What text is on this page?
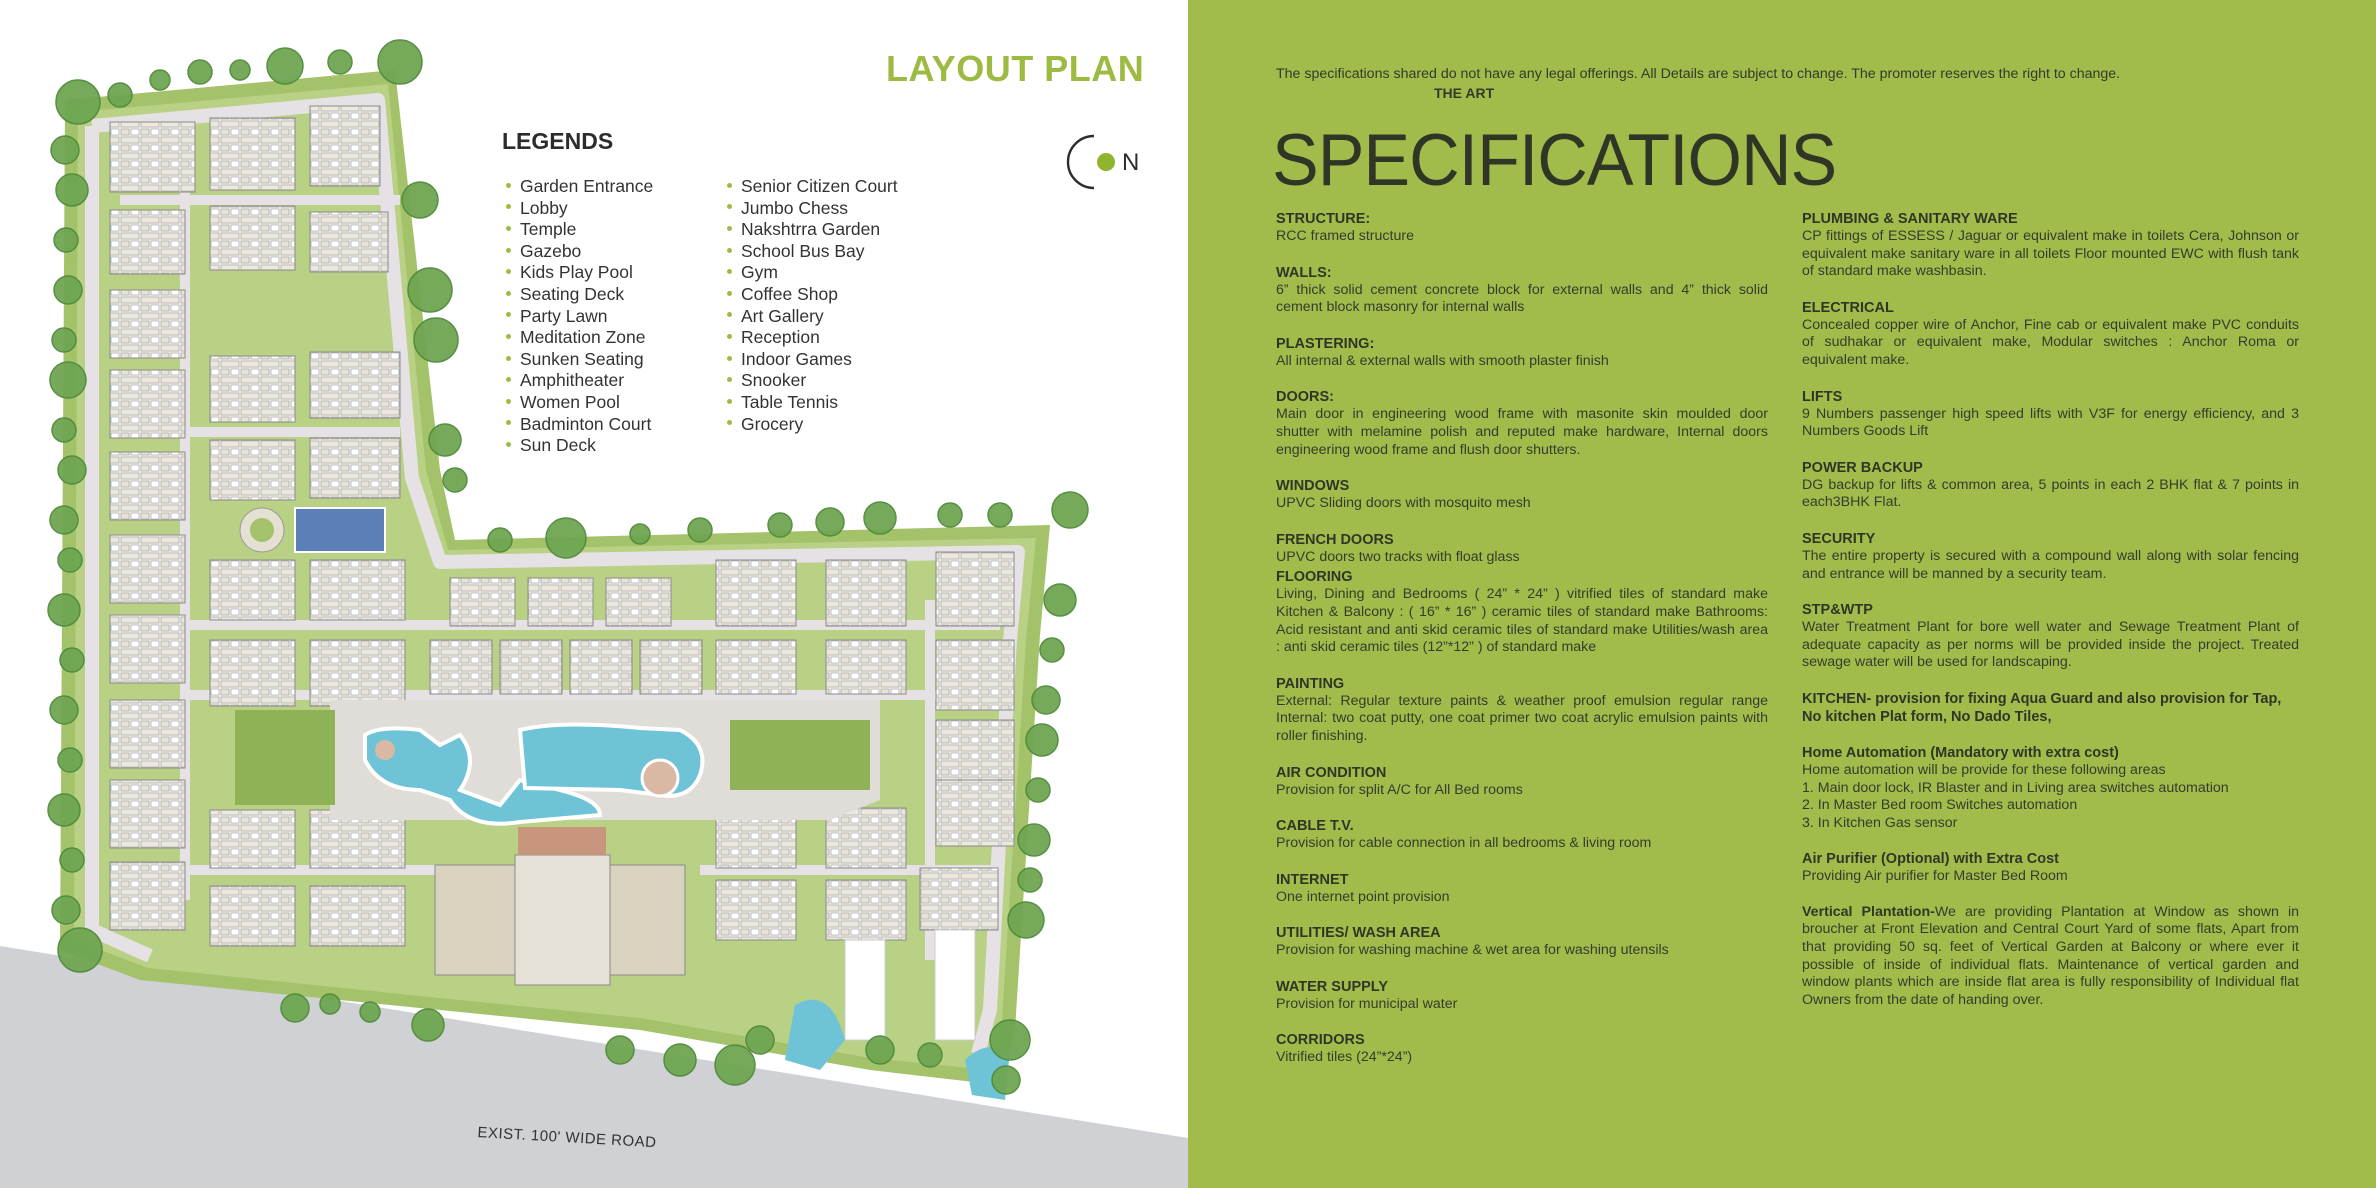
LAYOUT PLAN
LEGENDS
Garden Entrance
Lobby
Temple
Gazebo
Kids Play Pool
Seating Deck
Party Lawn
Meditation Zone
Sunken Seating
Amphitheater
Women Pool
Badminton Court
Sun Deck
Senior Citizen Court
Jumbo Chess
Nakshtrra Garden
School Bus Bay
Gym
Coffee Shop
Art Gallery
Reception
Indoor Games
Snooker
Table Tennis
Grocery
N
EXIST. 100' WIDE ROAD
The specifications shared do not have any legal offerings. All Details are subject to change. The promoter reserves the right to change.
THE ART
SPECIFICATIONS
STRUCTURE:
RCC framed structure
WALLS:
6” thick solid cement concrete block for external walls and 4” thick solid cement block masonry for internal walls
PLASTERING:
All internal & external walls with smooth plaster finish
DOORS:
Main door in engineering wood frame with masonite skin moulded door shutter with melamine polish and reputed make hardware, Internal doors engineering wood frame and flush door shutters.
WINDOWS
UPVC Sliding doors with mosquito mesh
FRENCH DOORS
UPVC doors two tracks with float glass
FLOORING
Living, Dining and Bedrooms ( 24” * 24” ) vitrified tiles of standard make Kitchen & Balcony : ( 16” * 16” ) ceramic tiles of standard make Bathrooms: Acid resistant and anti skid ceramic tiles of standard make Utilities/wash area : anti skid ceramic tiles (12”*12” ) of standard make
PAINTING
External: Regular texture paints & weather proof emulsion regular range Internal: two coat putty, one coat primer two coat acrylic emulsion paints with roller finishing.
AIR CONDITION
Provision for split A/C for All Bed rooms
CABLE T.V.
Provision for cable connection in all bedrooms & living room
INTERNET
One internet point provision
UTILITIES/ WASH AREA
Provision for washing machine & wet area for washing utensils
WATER SUPPLY
Provision for municipal water
CORRIDORS
Vitrified tiles (24”*24”)
PLUMBING & SANITARY WARE
CP fittings of ESSESS / Jaguar or equivalent make in toilets Cera, Johnson or equivalent make sanitary ware in all toilets Floor mounted EWC with flush tank of standard make washbasin.
ELECTRICAL
Concealed copper wire of Anchor, Fine cab or equivalent make PVC conduits of sudhakar or equivalent make, Modular switches : Anchor Roma or equivalent make.
LIFTS
9 Numbers passenger high speed lifts with V3F for energy efficiency, and 3 Numbers Goods Lift
POWER BACKUP
DG backup for lifts & common area, 5 points in each 2 BHK flat & 7 points in each3BHK Flat.
SECURITY
The entire property is secured with a compound wall along with solar fencing and entrance will be manned by a security team.
STP&WTP
Water Treatment Plant for bore well water and Sewage Treatment Plant of adequate capacity as per norms will be provided inside the project. Treated sewage water will be used for landscaping.
KITCHEN- provision for fixing Aqua Guard and also provision for Tap, No kitchen Plat form, No Dado Tiles,
Home Automation (Mandatory with extra cost)
Home automation will be provide for these following areas
1. Main door lock, IR Blaster and in Living area switches automation
2. In Master Bed room Switches automation
3. In Kitchen Gas sensor
Air Purifier (Optional) with Extra Cost
Providing Air purifier for Master Bed Room
Vertical Plantation-We are providing Plantation at Window as shown in broucher at Front Elevation and Central Court Yard of some flats, Apart from that providing 50 sq. feet of Vertical Garden at Balcony or where ever it possible of inside of individual flats. Maintenance of vertical garden and window plants which are inside flat area is fully responsibility of Individual flat Owners from the date of handing over.
